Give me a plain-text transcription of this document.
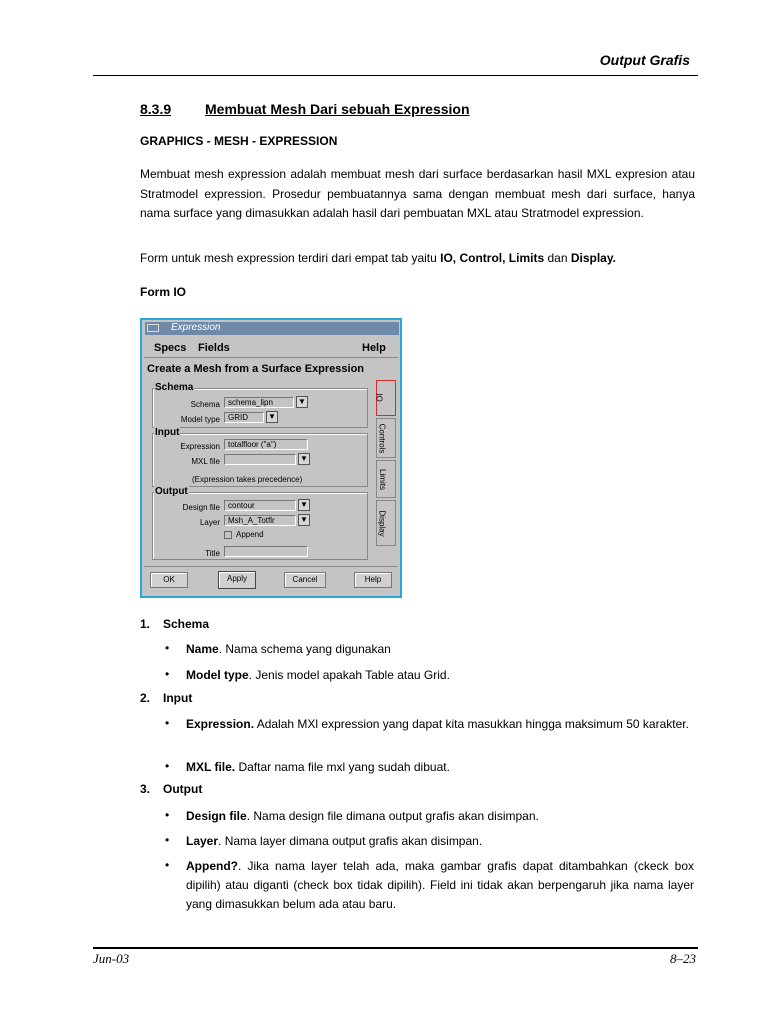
Output Grafis
8.3.9 Membuat Mesh Dari sebuah Expression
GRAPHICS - MESH - EXPRESSION
Membuat mesh expression adalah membuat mesh dari surface berdasarkan hasil MXL expresion atau Stratmodel expression. Prosedur pembuatannya sama dengan membuat mesh dari surface, hanya nama surface yang dimasukkan adalah hasil dari pembuatan MXL atau Stratmodel expression.
Form untuk mesh expression terdiri dari empat tab yaitu IO, Control, Limits dan Display.
Form IO
Expression
Specs Fields	Help
Create a Mesh from a Surface Expression
Schema
Schema	schema_lipn	▼
Model type	GRID	▼
Input
Expression	totalfloor ("a")
MXL file	▼
(Expression takes precedence)
Output
Design file	contour	▼
Layer	Msh_A_Totflr	▼
Append
Title
IO
Controls
Limits
Display
OK	Apply	Cancel	Help
1. Schema
• Name. Nama schema yang digunakan
• Model type. Jenis model apakah Table atau Grid.
2. Input
• Expression. Adalah MXl expression yang dapat kita masukkan hingga maksimum 50 karakter.
• MXL file. Daftar nama file mxl yang sudah dibuat.
3. Output
• Design file. Nama design file dimana output grafis akan disimpan.
• Layer. Nama layer dimana output grafis akan disimpan.
• Append?. Jika nama layer telah ada, maka gambar grafis dapat ditambahkan (ckeck box dipilih) atau diganti (check box tidak dipilih). Field ini tidak akan berpengaruh jika nama layer yang dimasukkan belum ada atau baru.
Jun-03	8–23
